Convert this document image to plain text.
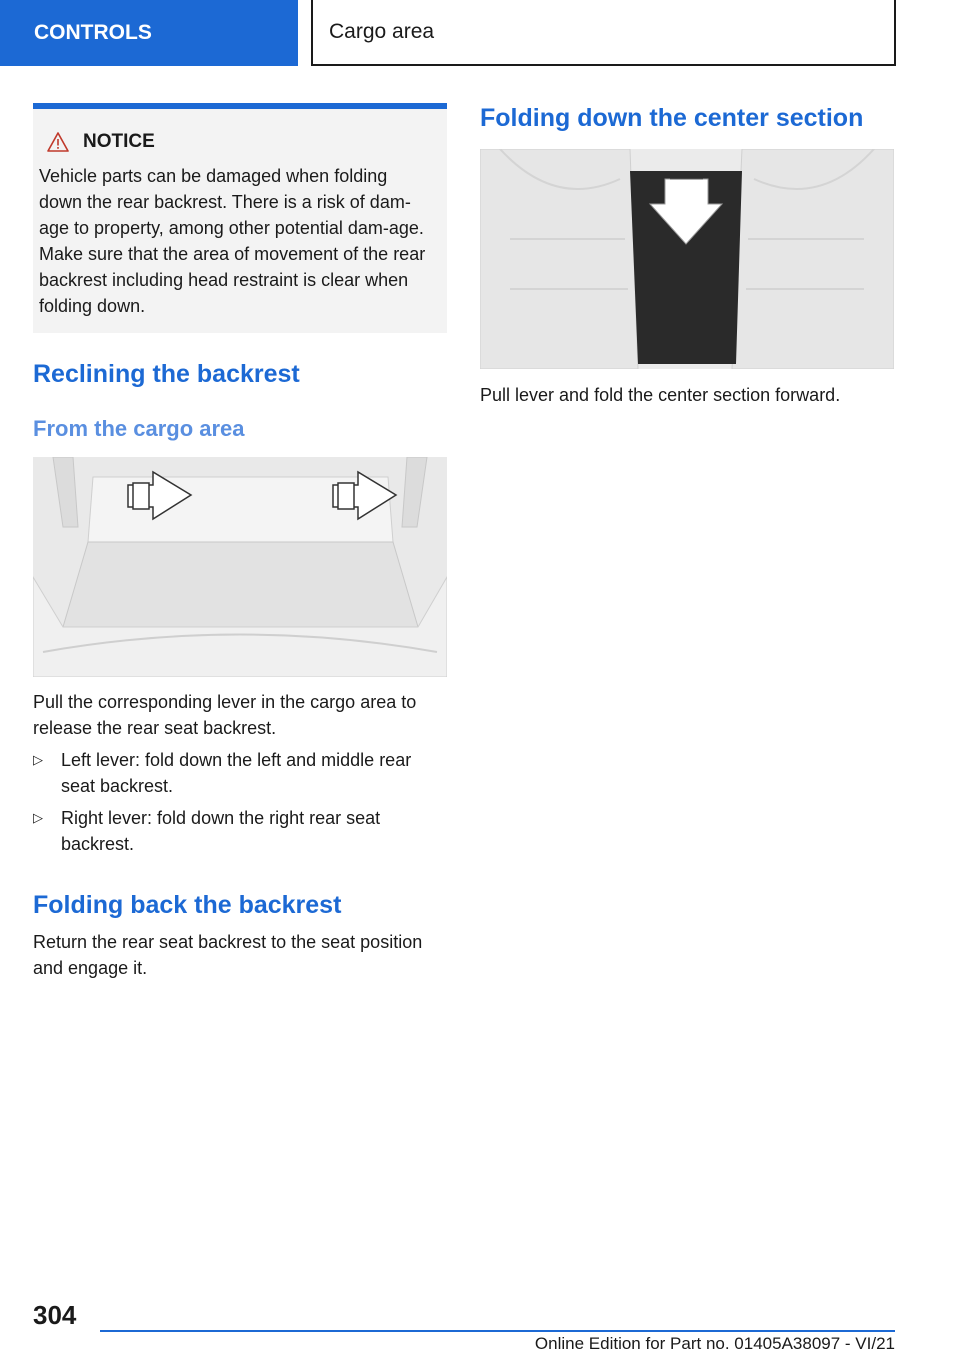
CONTROLS	Cargo area
NOTICE
Vehicle parts can be damaged when folding down the rear backrest. There is a risk of dam-age to property, among other potential dam-age. Make sure that the area of movement of the rear backrest including head restraint is clear when folding down.
Reclining the backrest
From the cargo area
Pull the corresponding lever in the cargo area to release the rear seat backrest.
▷ Left lever: fold down the left and middle rear seat backrest.
▷ Right lever: fold down the right rear seat backrest.
Folding back the backrest
Return the rear seat backrest to the seat position and engage it.
Folding down the center section
Pull lever and fold the center section forward.
304
Online Edition for Part no. 01405A38097 - VI/21
